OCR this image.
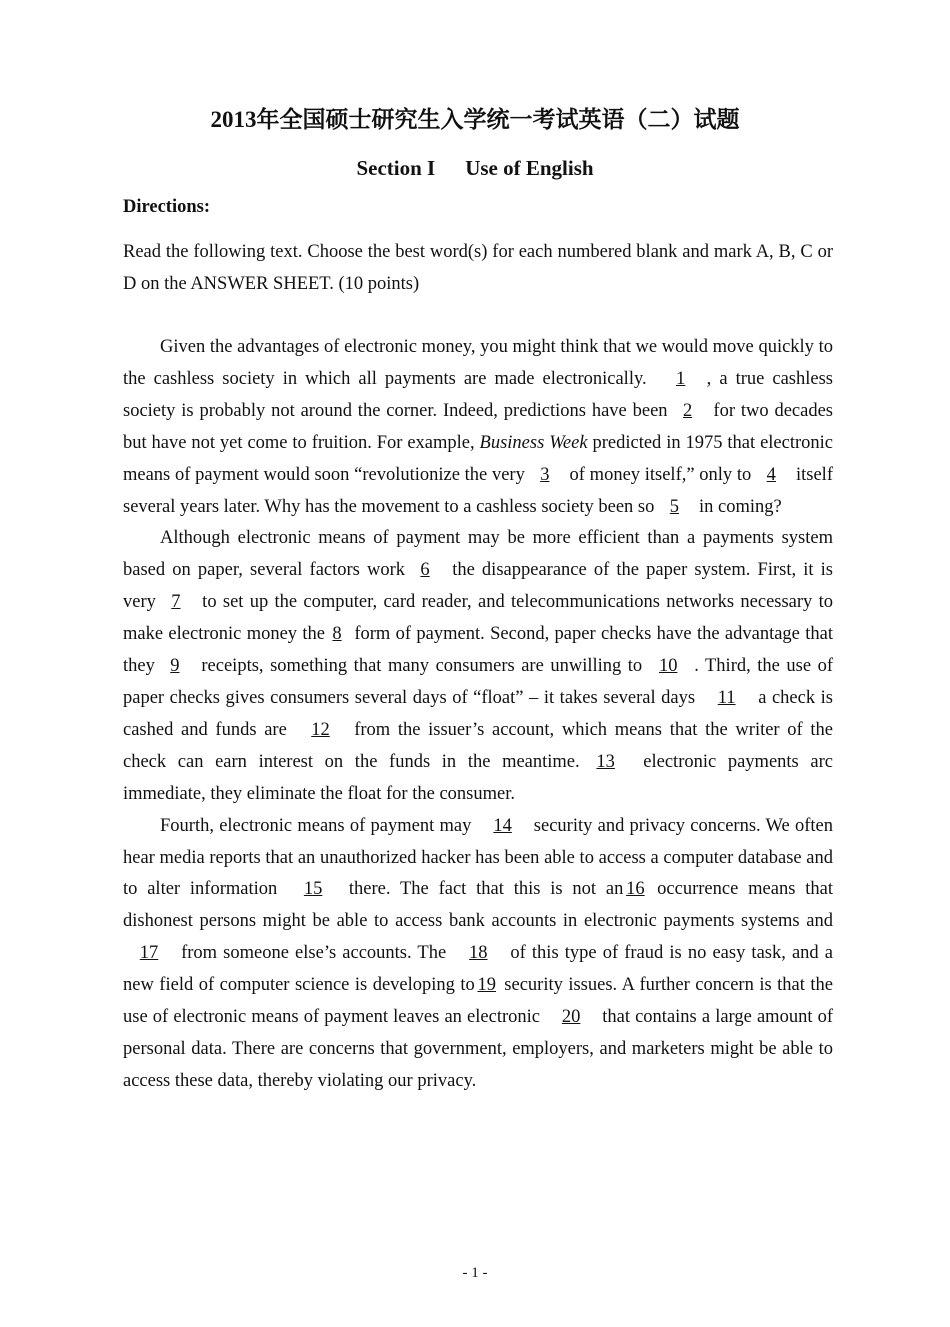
2013年全国硕士研究生入学统一考试英语（二）试题
Section I Use of English
Directions:

Read the following text. Choose the best word(s) for each numbered blank and mark A, B, C or D on the ANSWER SHEET. (10 points)

Given the advantages of electronic money, you might think that we would move quickly to the cashless society in which all payments are made electronically. 1 , a true cashless society is probably not around the corner. Indeed, predictions have been 2 for two decades but have not yet come to fruition. For example, Business Week predicted in 1975 that electronic means of payment would soon “revolutionize the very 3 of money itself,” only to 4 itself several years later. Why has the movement to a cashless society been so 5 in coming?

Although electronic means of payment may be more efficient than a payments system based on paper, several factors work 6 the disappearance of the paper system. First, it is very 7 to set up the computer, card reader, and telecommunications networks necessary to make electronic money the 8 form of payment. Second, paper checks have the advantage that they 9 receipts, something that many consumers are unwilling to 10 . Third, the use of paper checks gives consumers several days of “float” – it takes several days 11 a check is cashed and funds are 12 from the issuer’s account, which means that the writer of the check can earn interest on the funds in the meantime. 13 electronic payments arc immediate, they eliminate the float for the consumer.

Fourth, electronic means of payment may 14 security and privacy concerns. We often hear media reports that an unauthorized hacker has been able to access a computer database and to alter information 15 there. The fact that this is not an 16 occurrence means that dishonest persons might be able to access bank accounts in electronic payments systems and 17 from someone else’s accounts. The 18 of this type of fraud is no easy task, and a new field of computer science is developing to 19 security issues. A further concern is that the use of electronic means of payment leaves an electronic 20 that contains a large amount of personal data. There are concerns that government, employers, and marketers might be able to access these data, thereby violating our privacy.

- 1 -
